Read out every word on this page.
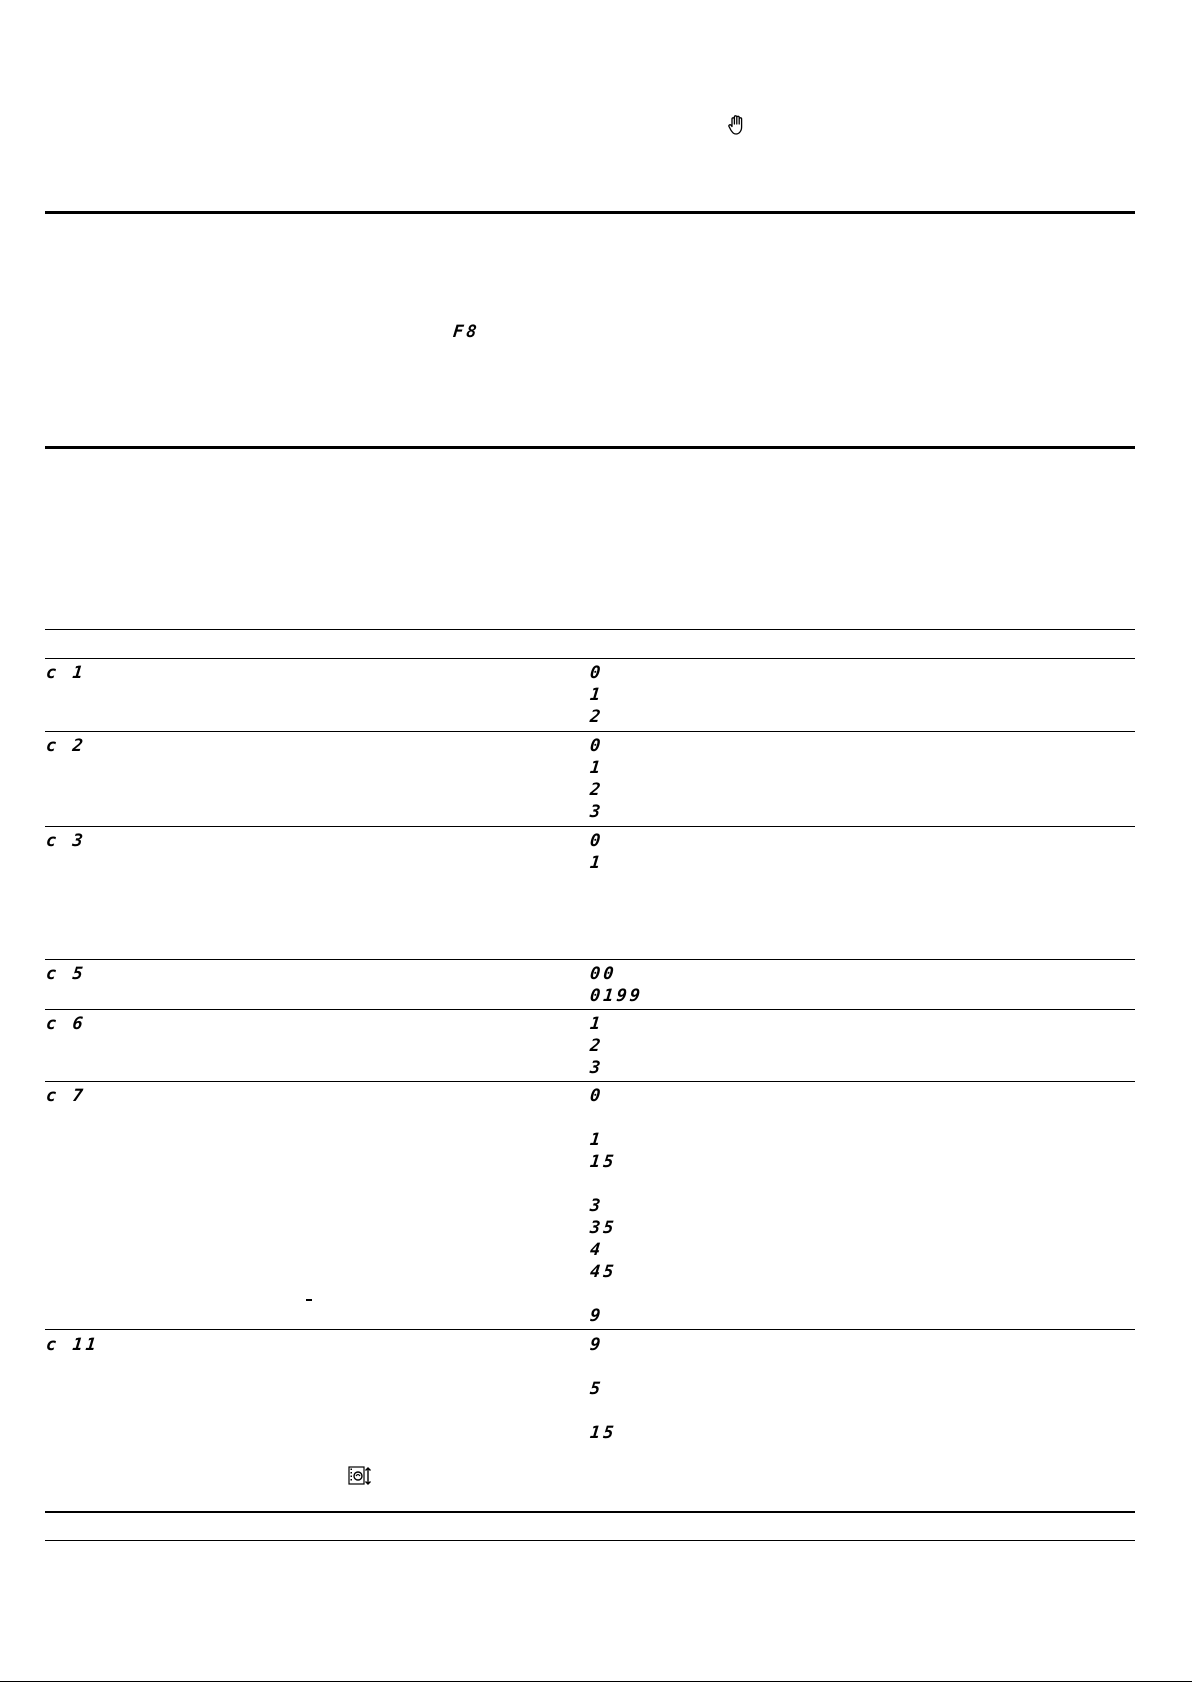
F8
c 1	0
1
2
c 2	0
1
2
3
c 3	0
1
c 5	00
0199
c 6	1
2
3
c 7	0
1
15
3
35
4
45
9
c 11	9
5
15
